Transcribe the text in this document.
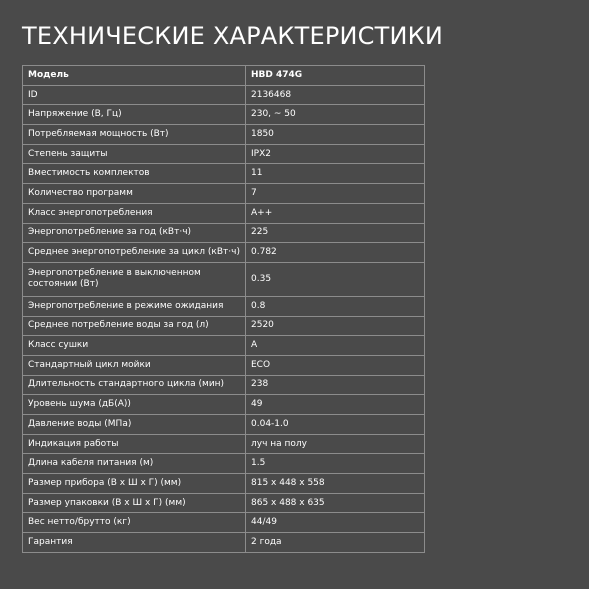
ТЕХНИЧЕСКИЕ ХАРАКТЕРИСТИКИ
Модель	HBD 474G
ID	2136468
Напряжение (В, Гц)	230, ~ 50
Потребляемая мощность (Вт)	1850
Степень защиты	IPX2
Вместимость комплектов	11
Количество программ	7
Класс энергопотребления	A++
Энергопотребление за год (кВт·ч)	225
Среднее энергопотребление за цикл (кВт·ч)	0.782
Энергопотребление в выключенном состоянии (Вт)	0.35
Энергопотребление в режиме ожидания	0.8
Среднее потребление воды за год (л)	2520
Класс сушки	A
Стандартный цикл мойки	ECO
Длительность стандартного цикла (мин)	238
Уровень шума (дБ(А))	49
Давление воды (МПа)	0.04-1.0
Индикация работы	луч на полу
Длина кабеля питания (м)	1.5
Размер прибора (В х Ш х Г) (мм)	815 x 448 x 558
Размер упаковки (В х Ш х Г) (мм)	865 x 488 x 635
Вес нетто/брутто (кг)	44/49
Гарантия	2 года
